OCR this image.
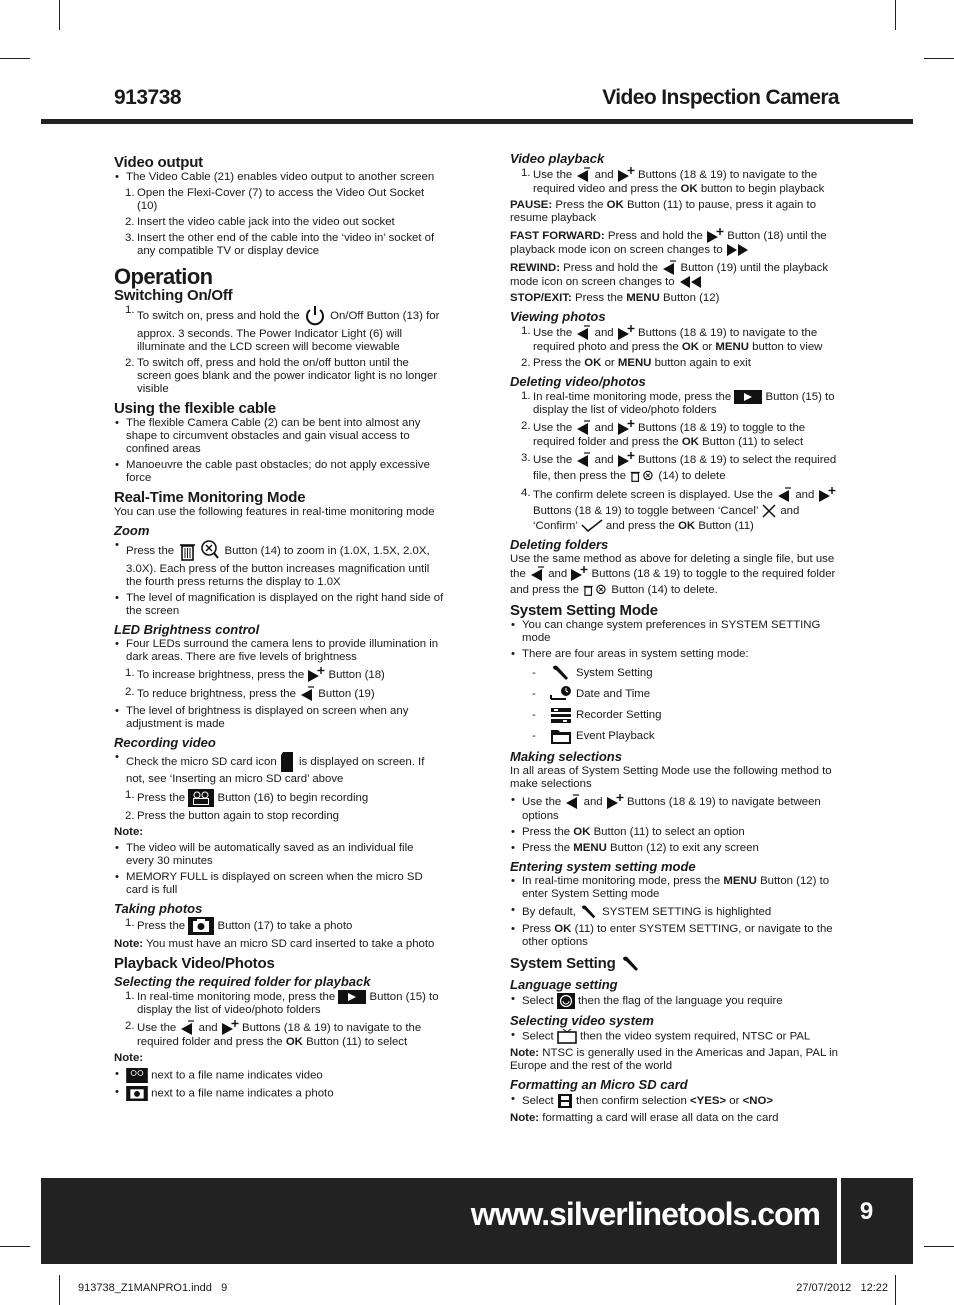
913738	Video Inspection Camera
Video output
• The Video Cable (21) enables video output to another screen
1. Open the Flexi-Cover (7) to access the Video Out Socket (10)
2. Insert the video cable jack into the video out socket
3. Insert the other end of the cable into the ‘video in’ socket of any compatible TV or display device
Operation
Switching On/Off
1.
To switch on, press and hold the	On/Off Button (13) for approx. 3 seconds. The Power Indicator Light (6) will illuminate and the LCD screen will become viewable
2. To switch off, press and hold the on/off button until the screen goes blank and the power indicator light is no longer visible
Using the flexible cable
• The flexible Camera Cable (2) can be bent into almost any shape to circumvent obstacles and gain visual access to confined areas
• Manoeuvre the cable past obstacles; do not apply excessive force
Real-Time Monitoring Mode

You can use the following features in real-time monitoring mode

Zoom
• Press the	Button (14) to zoom in (1.0X, 1.5X, 2.0X, 3.0X). Each press of the button increases magnification until the fourth press returns the display to 1.0X
• The level of magnification is displayed on the right hand side of the screen
LED Brightness control
• Four LEDs surround the camera lens to provide illumination in dark areas. There are five levels of brightness
1. To increase brightness, press the Button (18)
2. To reduce brightness, press the Button (19)
• The level of brightness is displayed on screen when any adjustment is made
Recording video
• Check the micro SD card icon is displayed on screen. If not, see ‘Inserting an micro SD card’ above
1. Press the	Button (16) to begin recording
2. Press the button again to stop recording

Note:

• The video will be automatically saved as an individual file every 30 minutes
• MEMORY FULL is displayed on screen when the micro SD card is full
Taking photos
1. Press the	Button (17) to take a photo

Note: You must have an micro SD card inserted to take a photo

Playback Video/Photos
Selecting the required folder for playback
1. In real-time monitoring mode, press the	Button (15) to display the list of video/photo folders
2. Use the and Buttons (18 & 19) to navigate to the required folder and press the OK Button (11) to select

Note:

• next to a file name indicates video
• next to a file name indicates a photo
Video playback
1. Use the and Buttons (18 & 19) to navigate to the required video and press the OK button to begin playback

PAUSE: Press the OK Button (11) to pause, press it again to resume playback

FAST FORWARD: Press and hold the Button (18) until the playback mode icon on screen changes to

REWIND: Press and hold the Button (19) until the playback mode icon on screen changes to

STOP/EXIT: Press the MENU Button (12)

Viewing photos
1. Use the and Buttons (18 & 19) to navigate to the required photo and press the OK or MENU button to view
2. Press the OK or MENU button again to exit
Deleting video/photos
1. In real-time monitoring mode, press the	Button (15) to display the list of video/photo folders
2. Use the and Buttons (18 & 19) to toggle to the required folder and press the OK Button (11) to select
3. Use the and Buttons (18 & 19) to select the required file, then press the	(14) to delete
4. The confirm delete screen is displayed. Use the and  Buttons (18 & 19) to toggle between ‘Cancel’ and ‘Confirm’ and press the OK Button (11)
Deleting folders

Use the same method as above for deleting a single file, but use the and Buttons (18 & 19) to toggle to the required folder and press the	Button (14) to delete.

System Setting Mode
• You can change system preferences in SYSTEM SETTING mode
• There are four areas in system setting mode:
-	System Setting
-	Date and Time
-	Recorder Setting
-	Event Playback
Making selections

In all areas of System Setting Mode use the following method to make selections

• Use the and Buttons (18 & 19) to navigate between options
• Press the OK Button (11) to select an option
• Press the MENU Button (12) to exit any screen
Entering system setting mode
• In real-time monitoring mode, press the MENU Button (12) to enter System Setting mode
• By default, SYSTEM SETTING is highlighted
• Press OK (11) to enter SYSTEM SETTING, or navigate to the other options
System Setting
Language setting
• Select then the flag of the language you require
Selecting video system
• Select then the video system required, NTSC or PAL

Note: NTSC is generally used in the Americas and Japan, PAL in Europe and the rest of the world

Formatting an Micro SD card
• Select then confirm selection <YES> or <NO>

Note: formatting a card will erase all data on the card

www.silverlinetools.com	9
913738_Z1MANPRO1.indd   9	27/07/2012   12:22
